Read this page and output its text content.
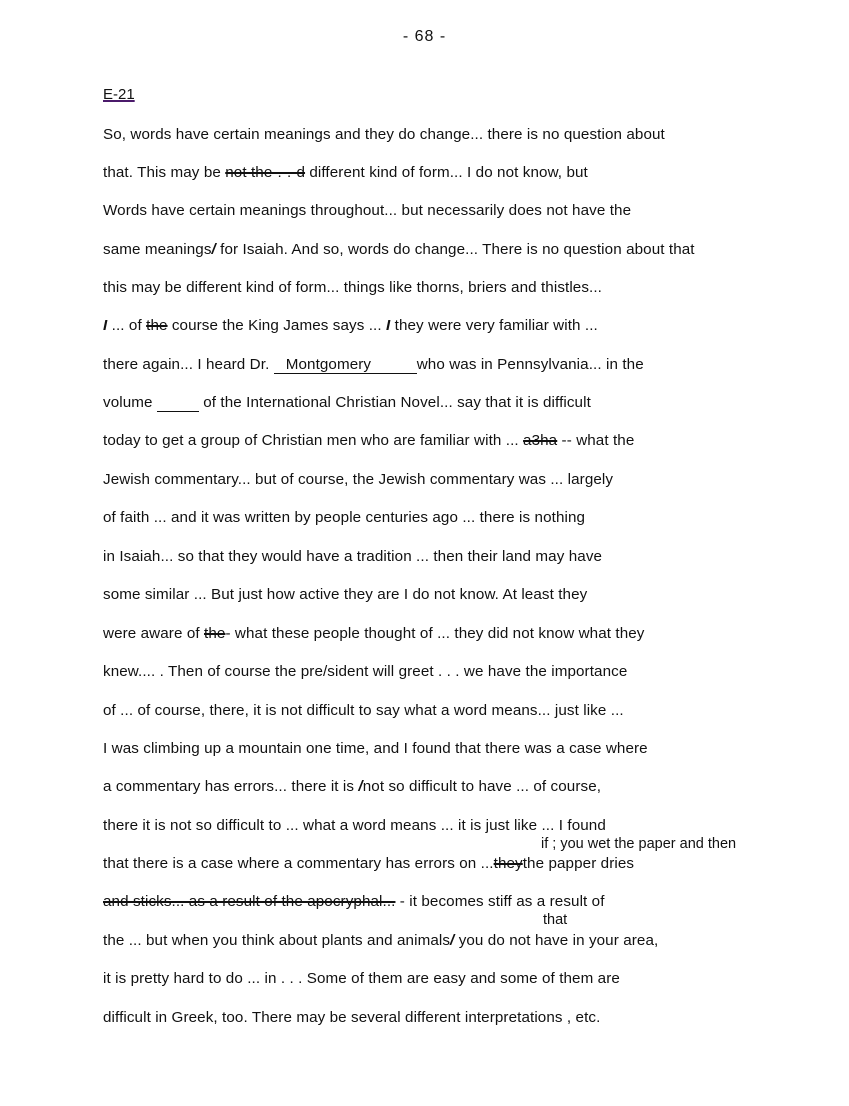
- 68 -
E-21
So, words have certain meanings and they do change... there is no question about
that. This may be not the-.-.-d different kind of form... I do not know, but
Words have certain meanings throughout... but necessarily does not have the
same meanings/ for Isaiah. And so, words do change... There is no question about that
this may be different kind of form... things like thorns, briers and thistles...
I ... of the course the King James says ... I they were very familiar with ...
there again... I heard Dr. Montgomery	who was in Pennsylvania... in the
volume	of the International Christian Novel... say that it is difficult
today to get a group of Christian men who are familiar with ... a3ha -- what the
Jewish commentary... but of course, the Jewish commentary was ... largely
of faith ... and it was written by people centuries ago ... there is nothing
in Isaiah... so that they would have a tradition ... then their land may have
some similar ... But just how active they are I do not know. At least they
were aware of the- what these people thought of ... they did not know what they
knew.... . Then of course the pre/sident will greet . . . we have the importance
of ... of course, there, it is not difficult to say what a word means... just like ...
I was climbing up a mountain one time, and I found that there was a case where
a commentary has errors... there it is /not so difficult to have ... of course,
there it is not so difficult to ... what a word means ... it is just like ... I found
that there is a case where a commentary has errors on ...theythe papper dries
and sticks... as a result of the apocryphal... - it becomes stiff as a result of
the ... but when you think about plants and animals/ you do not have in your area,
it is pretty hard to do ... in . . . Some of them are easy and some of them are
difficult in Greek, too. There may be several different interpretations , etc.
if ; you wet the paper and then
that
